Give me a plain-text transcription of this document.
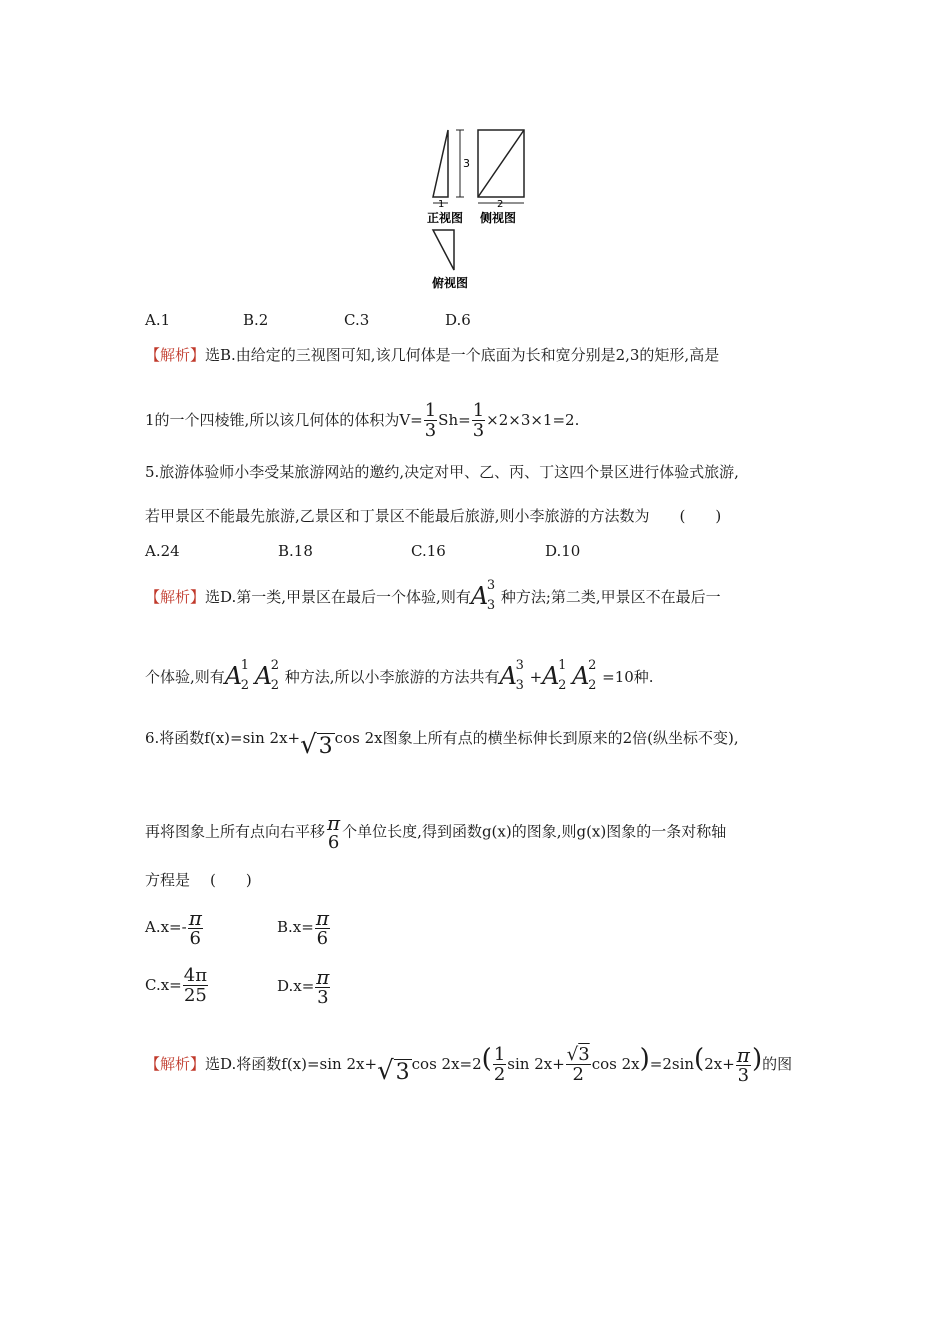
3
1
正视图
2
侧视图
俯视图
A.1	B.2	C.3	D.6
【解析】选B.由给定的三视图可知,该几何体是一个底面为长和宽分别是2,3的矩形,高是
1的一个四棱锥,所以该几何体的体积为$V= \frac{1}{3} Sh= \frac{1}{3} \times 2\times 3\times 1=2$.
5.旅游体验师小李受某旅游网站的邀约,决定对甲、乙、丙、丁这四个景区进行体验式旅游,
若甲景区不能最先旅游,乙景区和丁景区不能最后旅游,则小李旅游的方法数为 (　　)
A.24	B.18	C.16	D.10
【解析】选D.第一类,甲景区在最后一个体验,则有 A
3
3 种方法;第二类,甲景区不在最后一
个体验,则有 A
1
2 A
2
2 种方法,所以小李旅游的方法共有 A
3
3 + A
1
2 A
2
2 =10种.
6.将函数f(x)=sin 2x+√3 cos 2x图象上所有点的横坐标伸长到原来的2倍(纵坐标不变),
再将图象上所有点向右平移 π
6
个单位长度,得到函数g(x)的图象,则g(x)图象的一条对称轴
方程是 (　　)
$A.x=- \frac{\pi}{6}$	$B.x= \frac{\pi}{6}$
$C.x= \frac{4\pi}{25}$	$D.x= \frac{\pi}{3}$
【解析】选D.将函数f(x)=sin 2x+√3 $\cos 2x=2( \frac{1}{2}$ $\sin 2x+ \frac{√3}{2}$ $\cos 2x)=2\sin(2x+ \frac{\pi}{3}$ )的图
